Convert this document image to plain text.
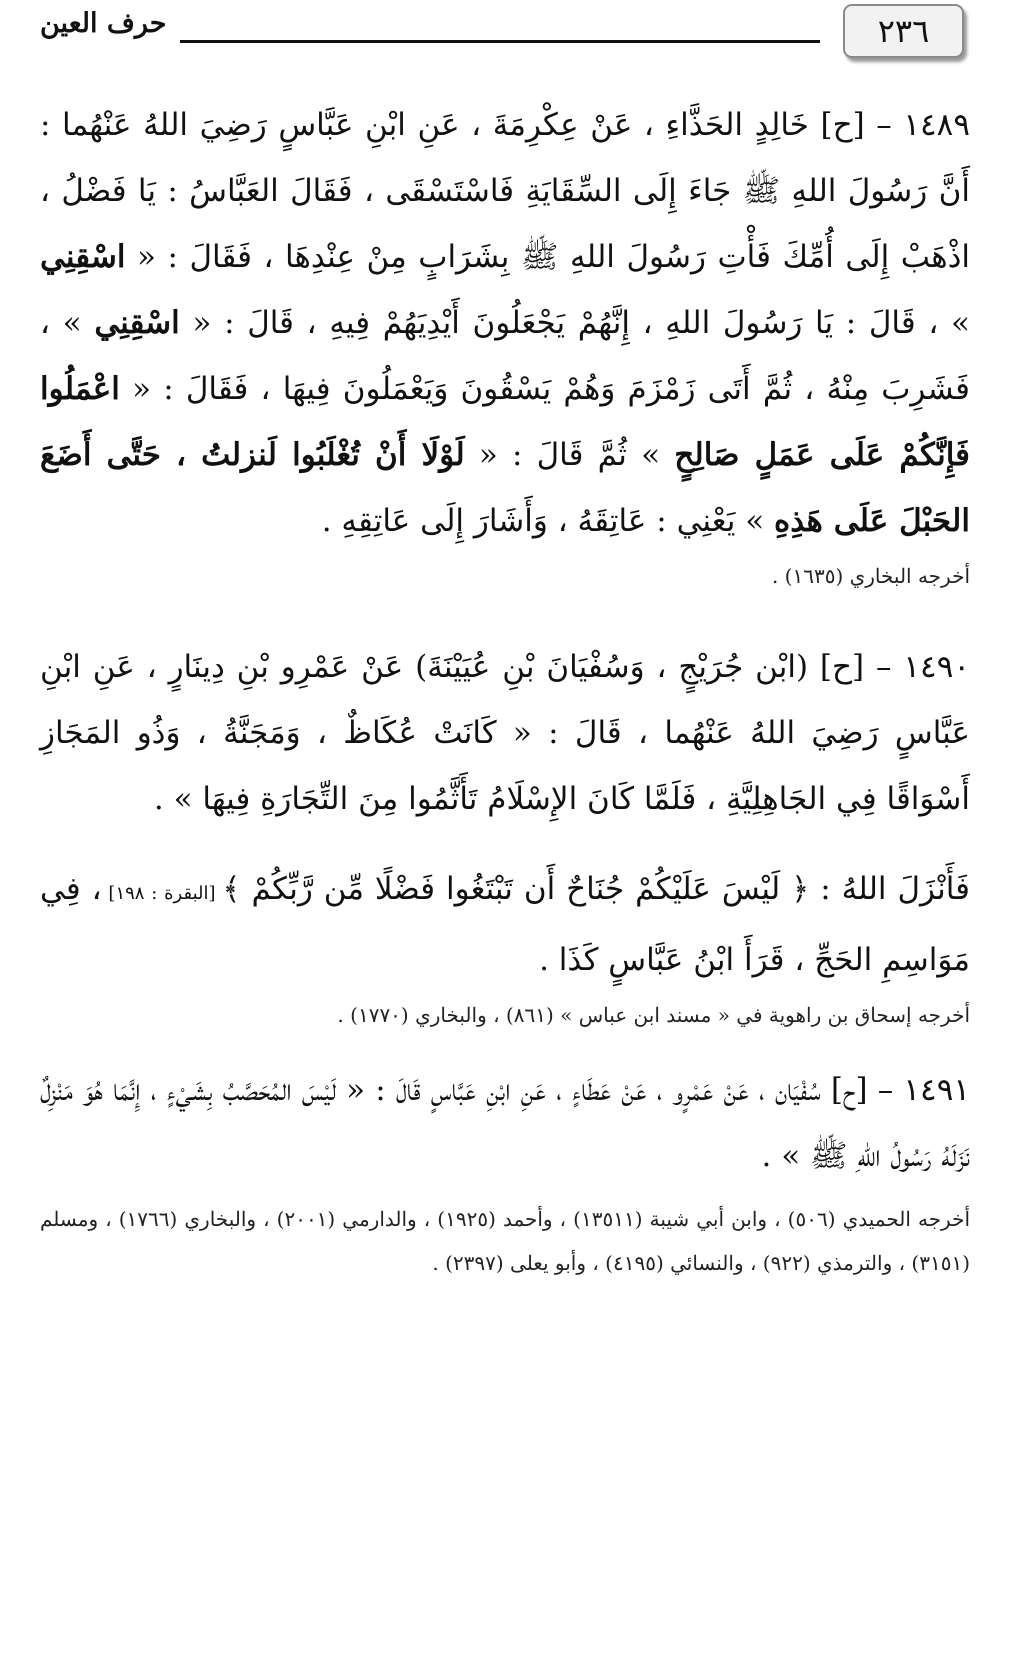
٢٣٦
حرف العين

١٤٨٩ – [ح] خَالِدٍ الحَذَّاءِ ، عَنْ عِكْرِمَةَ ، عَنِ ابْنِ عَبَّاسٍ رَضِيَ اللهُ عَنْهُما : أَنَّ رَسُولَ اللهِ ﷺ جَاءَ إِلَى السِّقَايَةِ فَاسْتَسْقَى ، فَقَالَ العَبَّاسُ : يَا فَضْلُ ، اذْهَبْ إِلَى أُمِّكَ فَأْتِ رَسُولَ اللهِ ﷺ بِشَرَابٍ مِنْ عِنْدِهَا ، فَقَالَ : « اسْقِنِي » ، قَالَ : يَا رَسُولَ اللهِ ، إِنَّهُمْ يَجْعَلُونَ أَيْدِيَهُمْ فِيهِ ، قَالَ : « اسْقِنِي » ، فَشَرِبَ مِنْهُ ، ثُمَّ أَتَى زَمْزَمَ وَهُمْ يَسْقُونَ وَيَعْمَلُونَ فِيهَا ، فَقَالَ : « اعْمَلُوا فَإِنَّكُمْ عَلَى عَمَلٍ صَالِحٍ » ثُمَّ قَالَ : « لَوْلَا أَنْ تُغْلَبُوا لَنزلتُ ، حَتَّى أَضَعَ الحَبْلَ عَلَى هَذِهِ » يَعْنِي : عَاتِقَهُ ، وَأَشَارَ إِلَى عَاتِقِهِ .

أخرجه البخاري (١٦٣٥) .

١٤٩٠ – [ح] (ابْن جُرَيْجٍ ، وَسُفْيَانَ بْنِ عُيَيْنَةَ) عَنْ عَمْرِو بْنِ دِينَارٍ ، عَنِ ابْنِ عَبَّاسٍ رَضِيَ اللهُ عَنْهُما ، قَالَ : « كَانَتْ عُكَاظٌ ، وَمَجَنَّةُ ، وَذُو المَجَازِ أَسْوَاقًا فِي الجَاهِلِيَّةِ ، فَلَمَّا كَانَ الإِسْلَامُ تَأَثَّمُوا مِنَ التِّجَارَةِ فِيهَا » .

فَأَنْزَلَ اللهُ : ﴿ لَيْسَ عَلَيْكُمْ جُنَاحٌ أَن تَبْتَغُوا فَضْلًا مِّن رَّبِّكُمْ ﴾ [البقرة : ١٩٨] ، فِي مَوَاسِمِ الحَجِّ ، قَرَأَ ابْنُ عَبَّاسٍ كَذَا .

أخرجه إسحاق بن راهوية في « مسند ابن عباس » (٨٦١) ، والبخاري (١٧٧٠) .

١٤٩١ – [ح] سُفْيَان ، عَنْ عَمْرٍو ، عَنْ عَطَاءٍ ، عَنِ ابْنِ عَبَّاسٍ قَالَ : « لَيْسَ المُحَصَّبُ بِشَيْءٍ ، إِنَّمَا هُوَ مَنْزِلٌ نَزَلَهُ رَسُولُ اللهِ ﷺ » .

أخرجه الحميدي (٥٠٦) ، وابن أبي شيبة (١٣٥١١) ، وأحمد (١٩٢٥) ، والدارمي (٢٠٠١) ، والبخاري (١٧٦٦) ، ومسلم (٣١٥١) ، والترمذي (٩٢٢) ، والنسائي (٤١٩٥) ، وأبو يعلى (٢٣٩٧) .
